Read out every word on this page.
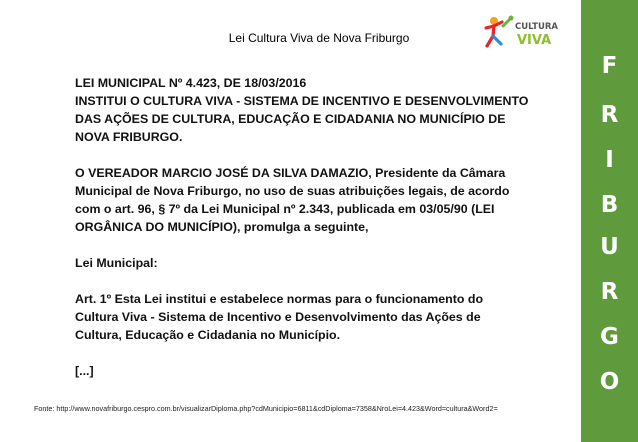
Lei Cultura Viva de Nova Friburgo
CULTURA
VIVA
F
R
I
B
U
R
G
O
LEI MUNICIPAL Nº 4.423, DE 18/03/2016
INSTITUI O CULTURA VIVA - SISTEMA DE INCENTIVO E DESENVOLVIMENTO
DAS AÇÕES DE CULTURA, EDUCAÇÃO E CIDADANIA NO MUNICÍPIO DE
NOVA FRIBURGO.
O VEREADOR MARCIO JOSÉ DA SILVA DAMAZIO, Presidente da Câmara
Municipal de Nova Friburgo, no uso de suas atribuições legais, de acordo
com o art. 96, § 7º da Lei Municipal nº 2.343, publicada em 03/05/90 (LEI
ORGÂNICA DO MUNICÍPIO), promulga a seguinte,
Lei Municipal:
Art. 1º Esta Lei institui e estabelece normas para o funcionamento do
Cultura Viva - Sistema de Incentivo e Desenvolvimento das Ações de
Cultura, Educação e Cidadania no Município.
[...]
Fonte: http://www.novafriburgo.cespro.com.br/visualizarDiploma.php?cdMunicipio=6811&cdDiploma=7358&NroLei=4.423&Word=cultura&Word2=
